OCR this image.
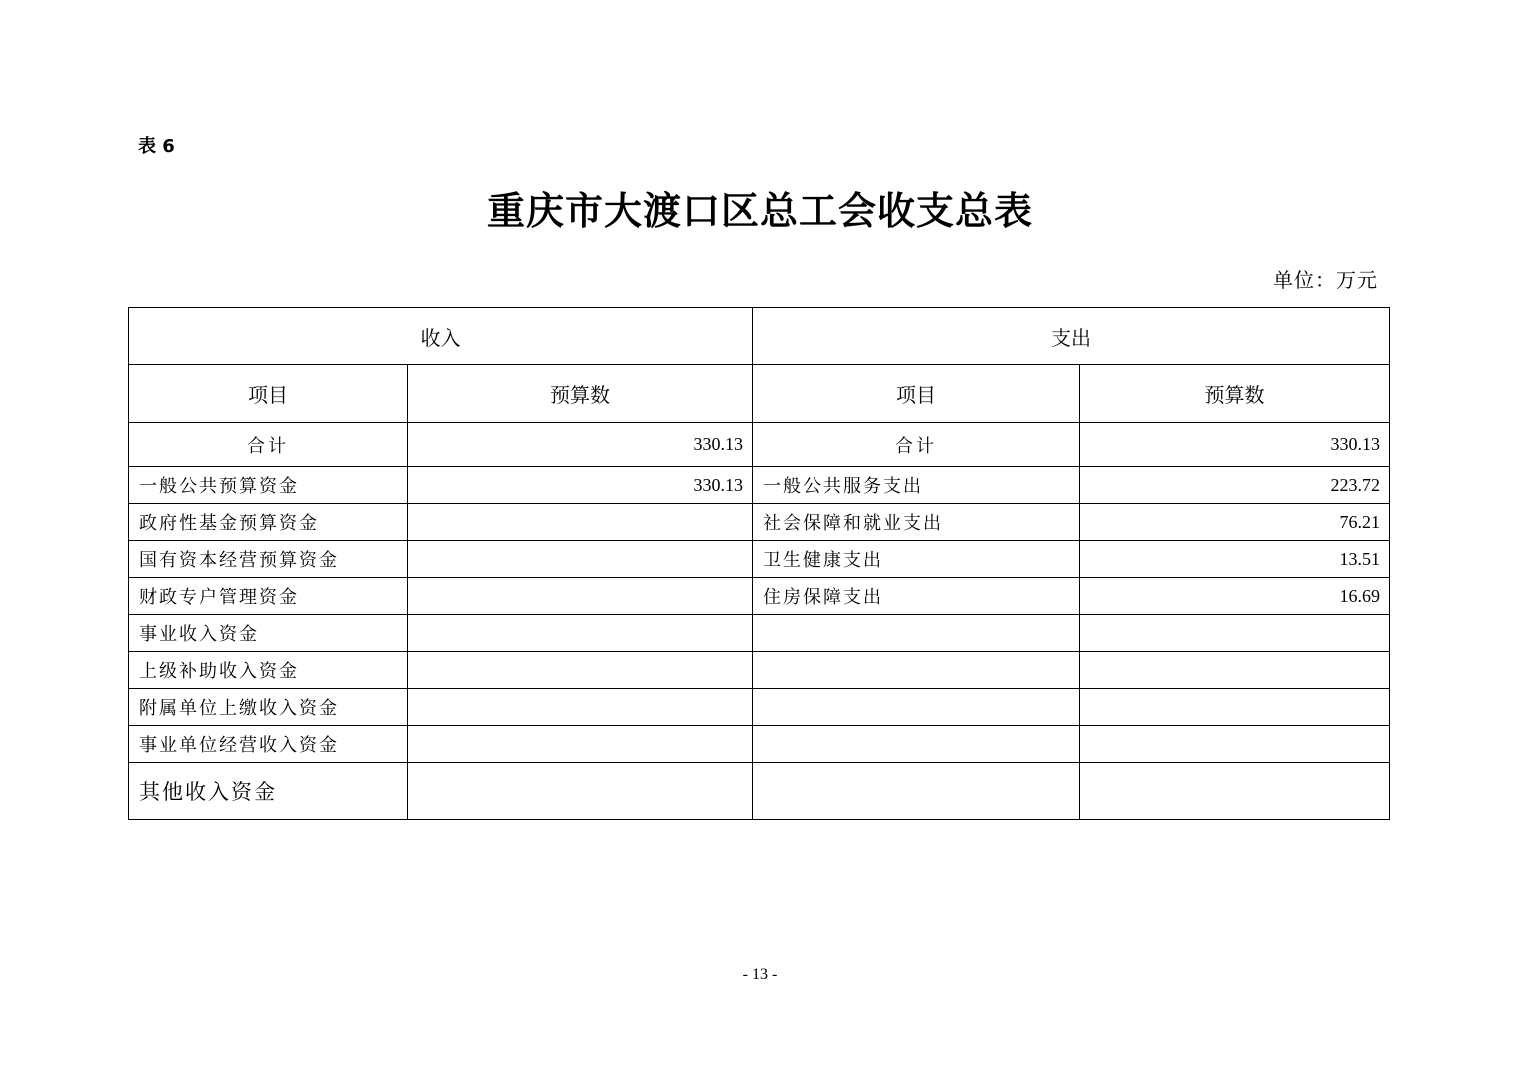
表 6
重庆市大渡口区总工会收支总表
单位：万元
收入		支出	
项目	预算数	项目	预算数
合计	330.13	合计	330.13
一般公共预算资金	330.13	一般公共服务支出	223.72
政府性基金预算资金		社会保障和就业支出	76.21
国有资本经营预算资金		卫生健康支出	13.51
财政专户管理资金		住房保障支出	16.69
事业收入资金			
上级补助收入资金			
附属单位上缴收入资金			
事业单位经营收入资金			
其他收入资金			
- 13 -
